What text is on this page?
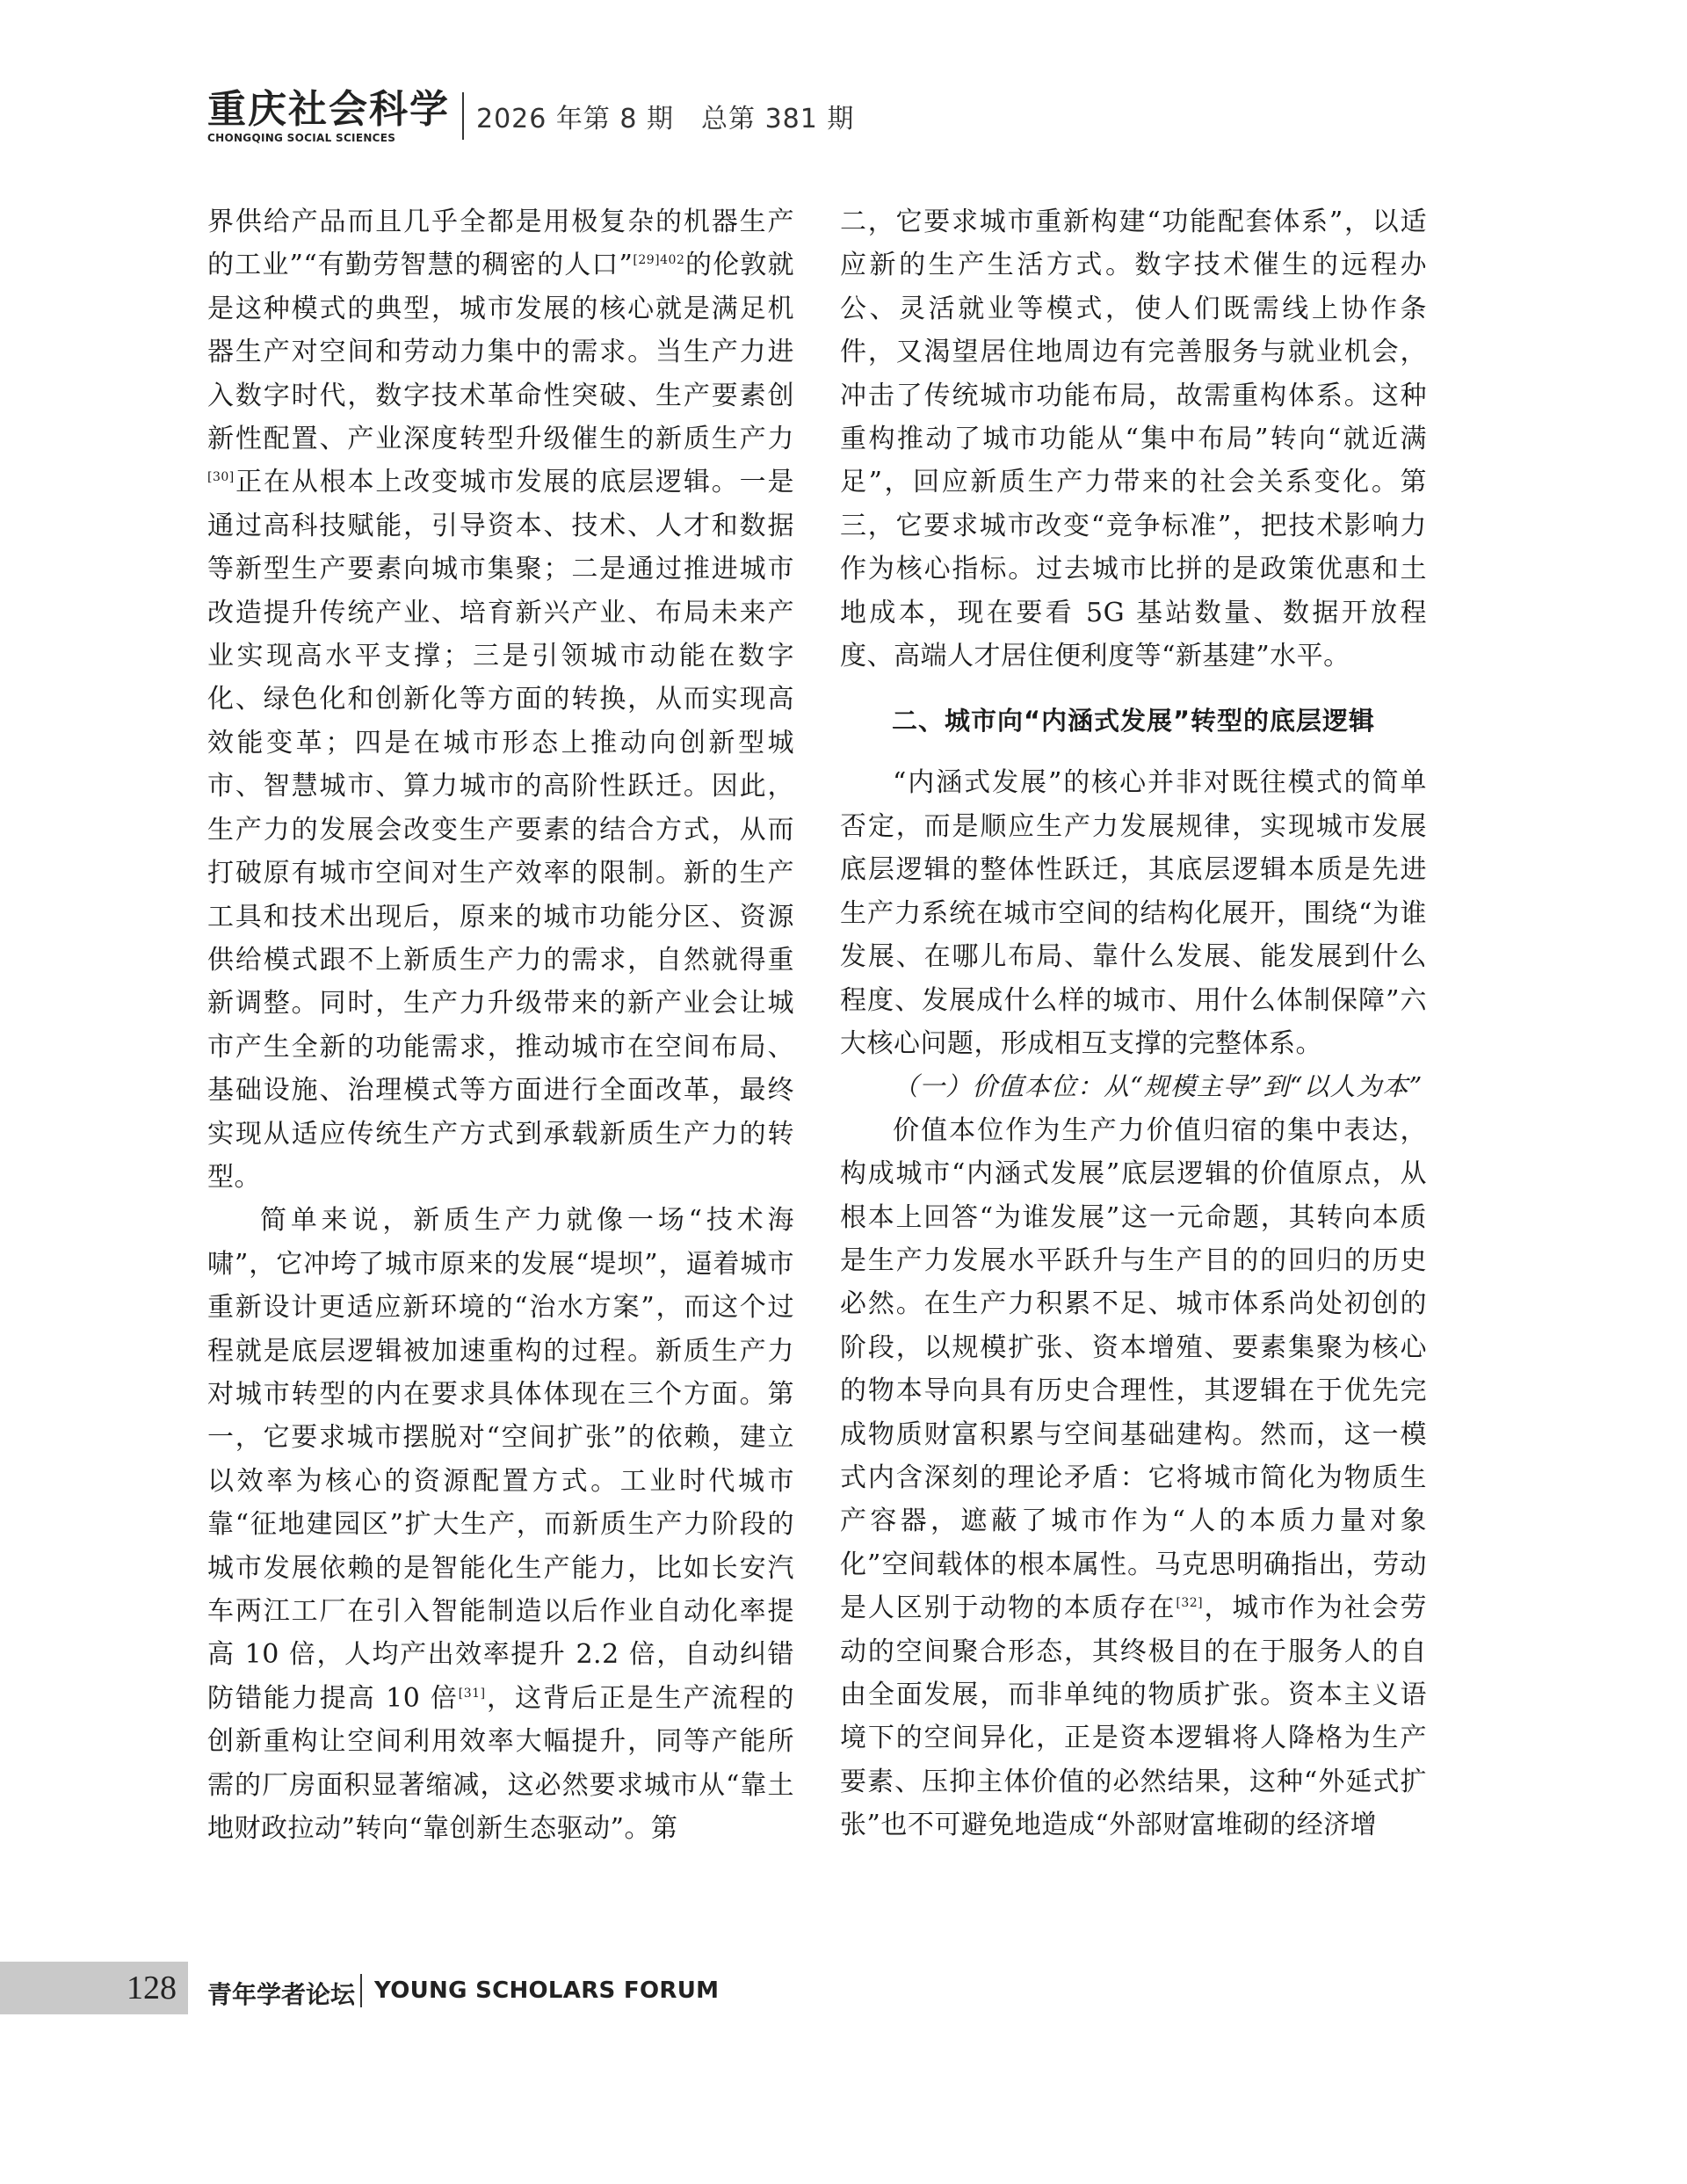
重庆社会科学
CHONGQING SOCIAL SCIENCES
2026 年第 8 期　总第 381 期

界供给产品而且几乎全都是用极复杂的机器生产的工业”“有勤劳智慧的稠密的人口”$^{[29]402}$的伦敦就是这种模式的典型，城市发展的核心就是满足机器生产对空间和劳动力集中的需求。当生产力进入数字时代，数字技术革命性突破、生产要素创新性配置、产业深度转型升级催生的新质生产力[30]正在从根本上改变城市发展的底层逻辑。一是通过高科技赋能，引导资本、技术、人才和数据等新型生产要素向城市集聚；二是通过推进城市改造提升传统产业、培育新兴产业、布局未来产业实现高水平支撑；三是引领城市动能在数字化、绿色化和创新化等方面的转换，从而实现高效能变革；四是在城市形态上推动向创新型城市、智慧城市、算力城市的高阶性跃迁。因此，生产力的发展会改变生产要素的结合方式，从而打破原有城市空间对生产效率的限制。新的生产工具和技术出现后，原来的城市功能分区、资源供给模式跟不上新质生产力的需求，自然就得重新调整。同时，生产力升级带来的新产业会让城市产生全新的功能需求，推动城市在空间布局、基础设施、治理模式等方面进行全面改革，最终实现从适应传统生产方式到承载新质生产力的转型。

简单来说，新质生产力就像一场“技术海啸”，它冲垮了城市原来的发展“堤坝”，逼着城市重新设计更适应新环境的“治水方案”，而这个过程就是底层逻辑被加速重构的过程。新质生产力对城市转型的内在要求具体体现在三个方面。第一，它要求城市摆脱对“空间扩张”的依赖，建立以效率为核心的资源配置方式。工业时代城市靠“征地建园区”扩大生产，而新质生产力阶段的城市发展依赖的是智能化生产能力，比如长安汽车两江工厂在引入智能制造以后作业自动化率提高 10 倍，人均产出效率提升 2.2 倍，自动纠错防错能力提高 10 倍[31]，这背后正是生产流程的创新重构让空间利用效率大幅提升，同等产能所需的厂房面积显著缩减，这必然要求城市从“靠土地财政拉动”转向“靠创新生态驱动”。第

二，它要求城市重新构建“功能配套体系”，以适应新的生产生活方式。数字技术催生的远程办公、灵活就业等模式，使人们既需线上协作条件，又渴望居住地周边有完善服务与就业机会，冲击了传统城市功能布局，故需重构体系。这种重构推动了城市功能从“集中布局”转向“就近满足”，回应新质生产力带来的社会关系变化。第三，它要求城市改变“竞争标准”，把技术影响力作为核心指标。过去城市比拼的是政策优惠和土地成本，现在要看 5G 基站数量、数据开放程度、高端人才居住便利度等“新基建”水平。

二、城市向“内涵式发展”转型的底层逻辑

“内涵式发展”的核心并非对既往模式的简单否定，而是顺应生产力发展规律，实现城市发展底层逻辑的整体性跃迁，其底层逻辑本质是先进生产力系统在城市空间的结构化展开，围绕“为谁发展、在哪儿布局、靠什么发展、能发展到什么程度、发展成什么样的城市、用什么体制保障”六大核心问题，形成相互支撑的完整体系。

（一）价值本位：从“规模主导”到“以人为本”

价值本位作为生产力价值归宿的集中表达，构成城市“内涵式发展”底层逻辑的价值原点，从根本上回答“为谁发展”这一元命题，其转向本质是生产力发展水平跃升与生产目的的回归的历史必然。在生产力积累不足、城市体系尚处初创的阶段，以规模扩张、资本增殖、要素集聚为核心的物本导向具有历史合理性，其逻辑在于优先完成物质财富积累与空间基础建构。然而，这一模式内含深刻的理论矛盾：它将城市简化为物质生产容器，遮蔽了城市作为“人的本质力量对象化”空间载体的根本属性。马克思明确指出，劳动是人区别于动物的本质存在[32]，城市作为社会劳动的空间聚合形态，其终极目的在于服务人的自由全面发展，而非单纯的物质扩张。资本主义语境下的空间异化，正是资本逻辑将人降格为生产要素、压抑主体价值的必然结果，这种“外延式扩张”也不可避免地造成“外部财富堆砌的经济增

128 青年学者论坛 YOUNG SCHOLARS FORUM
